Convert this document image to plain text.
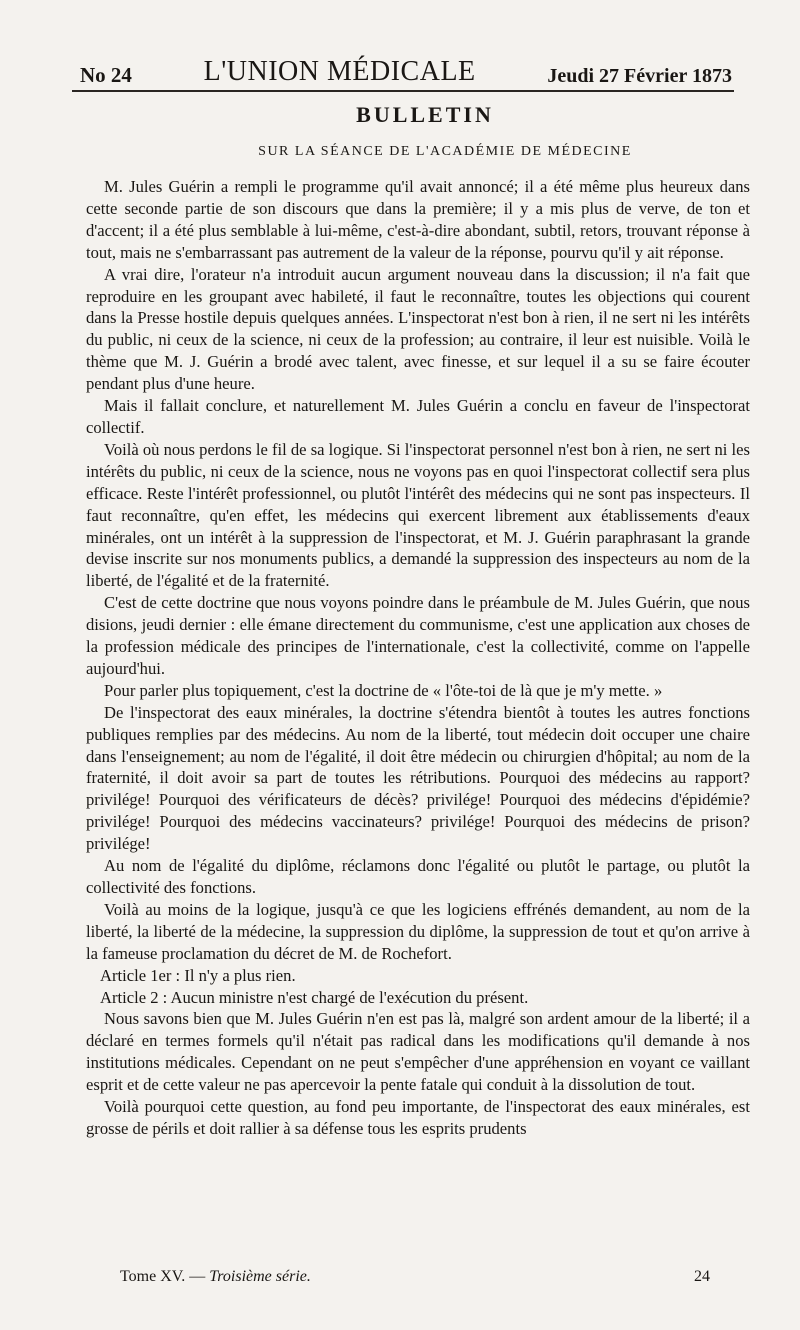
No 24	L'UNION MÉDICALE	Jeudi 27 Février 1873
BULLETIN
SUR LA SÉANCE DE L'ACADÉMIE DE MÉDECINE

M. Jules Guérin a rempli le programme qu'il avait annoncé; il a été même plus heureux dans cette seconde partie de son discours que dans la première; il y a mis plus de verve, de ton et d'accent; il a été plus semblable à lui-même, c'est-à-dire abondant, subtil, retors, trouvant réponse à tout, mais ne s'embarrassant pas autrement de la valeur de la réponse, pourvu qu'il y ait réponse.

A vrai dire, l'orateur n'a introduit aucun argument nouveau dans la discussion; il n'a fait que reproduire en les groupant avec habileté, il faut le reconnaître, toutes les objections qui courent dans la Presse hostile depuis quelques années. L'inspectorat n'est bon à rien, il ne sert ni les intérêts du public, ni ceux de la science, ni ceux de la profession; au contraire, il leur est nuisible. Voilà le thème que M. J. Guérin a brodé avec talent, avec finesse, et sur lequel il a su se faire écouter pendant plus d'une heure.

Mais il fallait conclure, et naturellement M. Jules Guérin a conclu en faveur de l'inspectorat collectif.

Voilà où nous perdons le fil de sa logique. Si l'inspectorat personnel n'est bon à rien, ne sert ni les intérêts du public, ni ceux de la science, nous ne voyons pas en quoi l'inspectorat collectif sera plus efficace. Reste l'intérêt professionnel, ou plutôt l'intérêt des médecins qui ne sont pas inspecteurs. Il faut reconnaître, qu'en effet, les médecins qui exercent librement aux établissements d'eaux minérales, ont un intérêt à la suppression de l'inspectorat, et M. J. Guérin paraphrasant la grande devise inscrite sur nos monuments publics, a demandé la suppression des inspecteurs au nom de la liberté, de l'égalité et de la fraternité.

C'est de cette doctrine que nous voyons poindre dans le préambule de M. Jules Guérin, que nous disions, jeudi dernier : elle émane directement du communisme, c'est une application aux choses de la profession médicale des principes de l'internationale, c'est la collectivité, comme on l'appelle aujourd'hui.

Pour parler plus topiquement, c'est la doctrine de « l'ôte-toi de là que je m'y mette. »

De l'inspectorat des eaux minérales, la doctrine s'étendra bientôt à toutes les autres fonctions publiques remplies par des médecins. Au nom de la liberté, tout médecin doit occuper une chaire dans l'enseignement; au nom de l'égalité, il doit être médecin ou chirurgien d'hôpital; au nom de la fraternité, il doit avoir sa part de toutes les rétributions. Pourquoi des médecins au rapport? privilége! Pourquoi des vérificateurs de décès? privilége! Pourquoi des médecins d'épidémie? privilége! Pourquoi des médecins vaccinateurs? privilége! Pourquoi des médecins de prison? privilége!

Au nom de l'égalité du diplôme, réclamons donc l'égalité ou plutôt le partage, ou plutôt la collectivité des fonctions.

Voilà au moins de la logique, jusqu'à ce que les logiciens effrénés demandent, au nom de la liberté, la liberté de la médecine, la suppression du diplôme, la suppression de tout et qu'on arrive à la fameuse proclamation du décret de M. de Rochefort.

Article 1er : Il n'y a plus rien.

Article 2 : Aucun ministre n'est chargé de l'exécution du présent.

Nous savons bien que M. Jules Guérin n'en est pas là, malgré son ardent amour de la liberté; il a déclaré en termes formels qu'il n'était pas radical dans les modifications qu'il demande à nos institutions médicales. Cependant on ne peut s'empêcher d'une appréhension en voyant ce vaillant esprit et de cette valeur ne pas apercevoir la pente fatale qui conduit à la dissolution de tout.

Voilà pourquoi cette question, au fond peu importante, de l'inspectorat des eaux minérales, est grosse de périls et doit rallier à sa défense tous les esprits prudents

Tome XV. — Troisième série.	24
